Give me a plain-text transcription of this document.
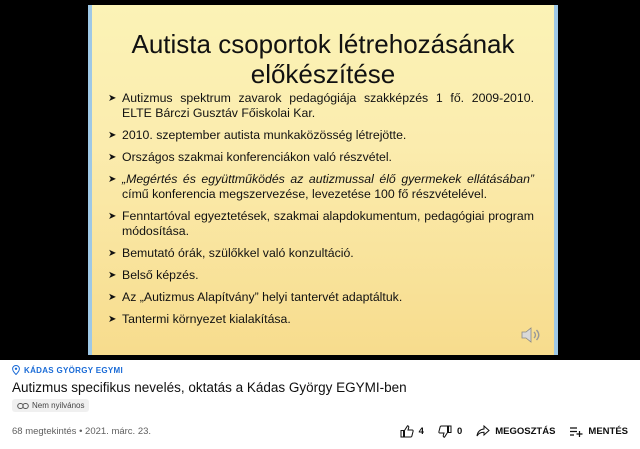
Autista csoportok létrehozásának előkészítése
➤ Autizmus spektrum zavarok pedagógiája szakképzés 1 fő. 2009-2010. ELTE Bárczi Gusztáv Főiskolai Kar.
➤ 2010. szeptember autista munkaközösség létrejötte.
➤ Országos szakmai konferenciákon való részvétel.
➤ „Megértés és együttműködés az autizmussal élő gyermekek ellátásában” című konferencia megszervezése, levezetése 100 fő részvételével.
➤ Fenntartóval egyeztetések, szakmai alapdokumentum, pedagógiai program módosítása.
➤ Bemutató órák, szülőkkel való konzultáció.
➤ Belső képzés.
➤ Az „Autizmus Alapítvány” helyi tantervét adaptáltuk.
➤ Tantermi környezet kialakítása.
KÁDAS GYÖRGY EGYMI
Autizmus specifikus nevelés, oktatás a Kádas György EGYMI-ben
Nem nyilvános
68 megtekintés • 2021. márc. 23.	4	0	MEGOSZTÁS	MENTÉS
